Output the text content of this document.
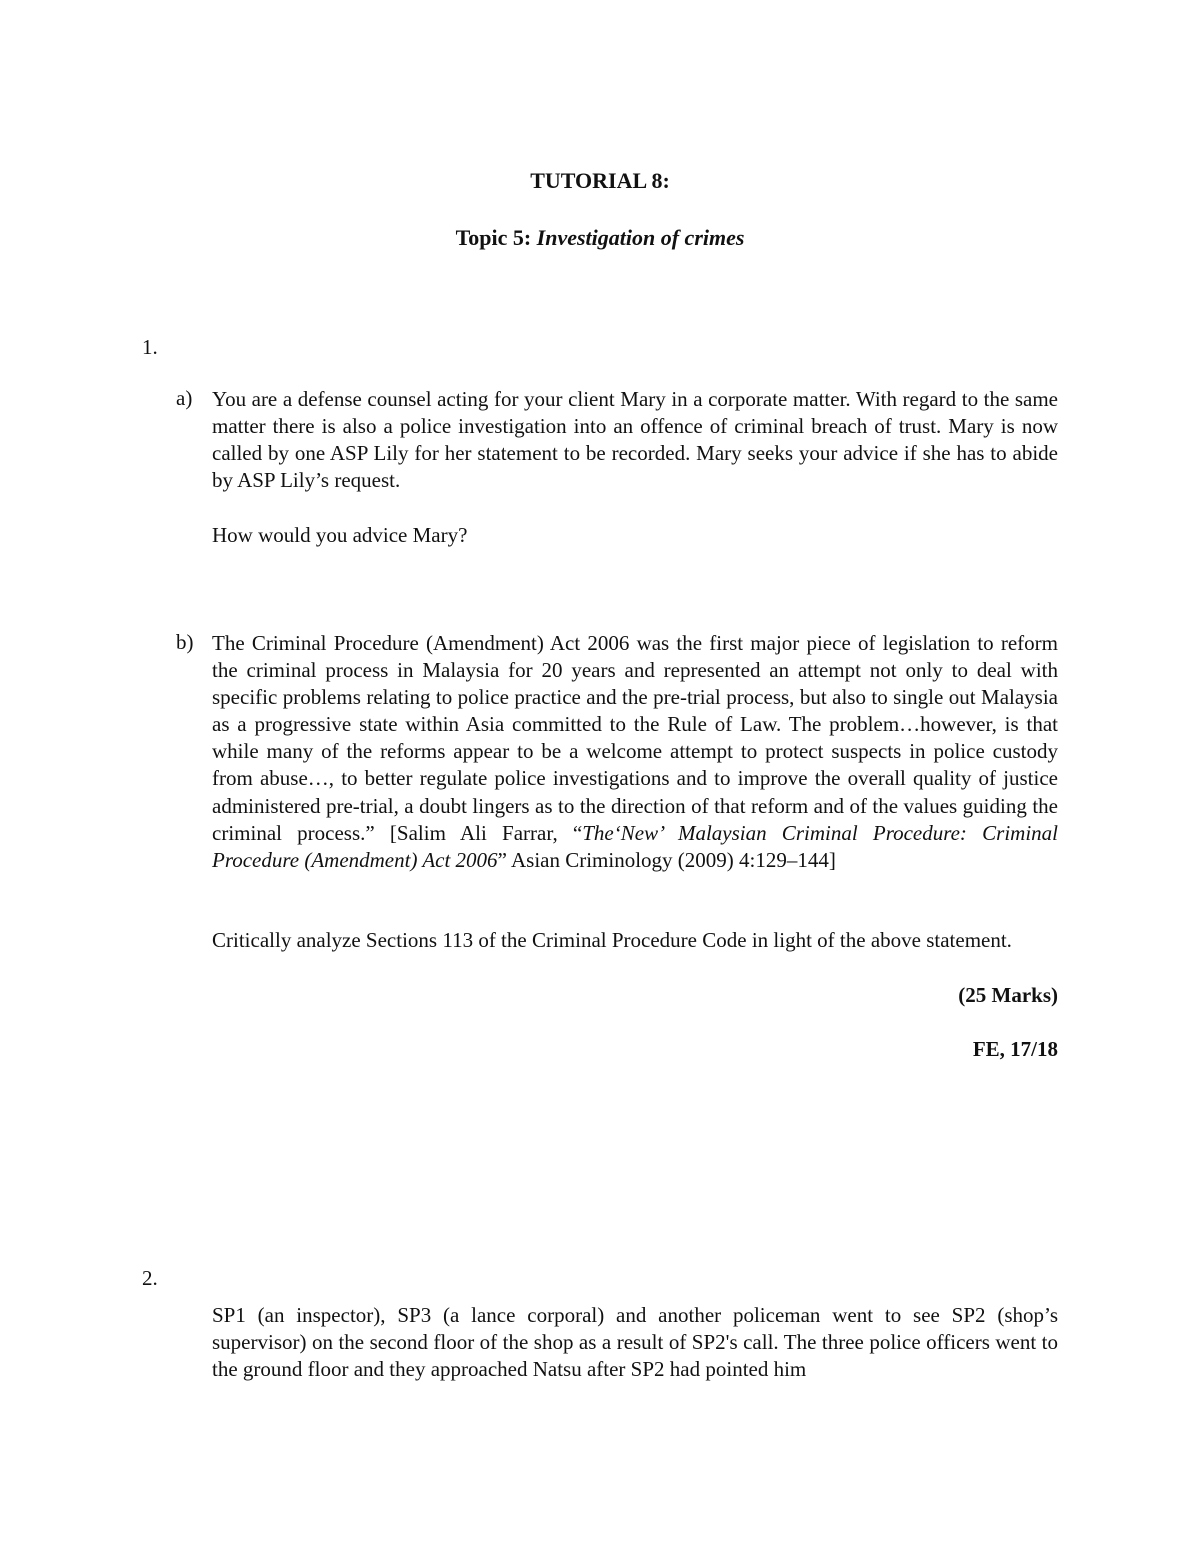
TUTORIAL 8:
Topic 5: Investigation of crimes
1.
a) You are a defense counsel acting for your client Mary in a corporate matter. With regard to the same matter there is also a police investigation into an offence of criminal breach of trust. Mary is now called by one ASP Lily for her statement to be recorded. Mary seeks your advice if she has to abide by ASP Lily’s request.
How would you advice Mary?
b) The Criminal Procedure (Amendment) Act 2006 was the first major piece of legislation to reform the criminal process in Malaysia for 20 years and represented an attempt not only to deal with specific problems relating to police practice and the pre-trial process, but also to single out Malaysia as a progressive state within Asia committed to the Rule of Law. The problem…however, is that while many of the reforms appear to be a welcome attempt to protect suspects in police custody from abuse…, to better regulate police investigations and to improve the overall quality of justice administered pre-trial, a doubt lingers as to the direction of that reform and of the values guiding the criminal process.” [Salim Ali Farrar, “The‘New’ Malaysian Criminal Procedure: Criminal Procedure (Amendment) Act 2006” Asian Criminology (2009) 4:129–144]
Critically analyze Sections 113 of the Criminal Procedure Code in light of the above statement.
(25 Marks)
FE, 17/18
2.
SP1 (an inspector), SP3 (a lance corporal) and another policeman went to see SP2 (shop’s supervisor) on the second floor of the shop as a result of SP2's call. The three police officers went to the ground floor and they approached Natsu after SP2 had pointed him
